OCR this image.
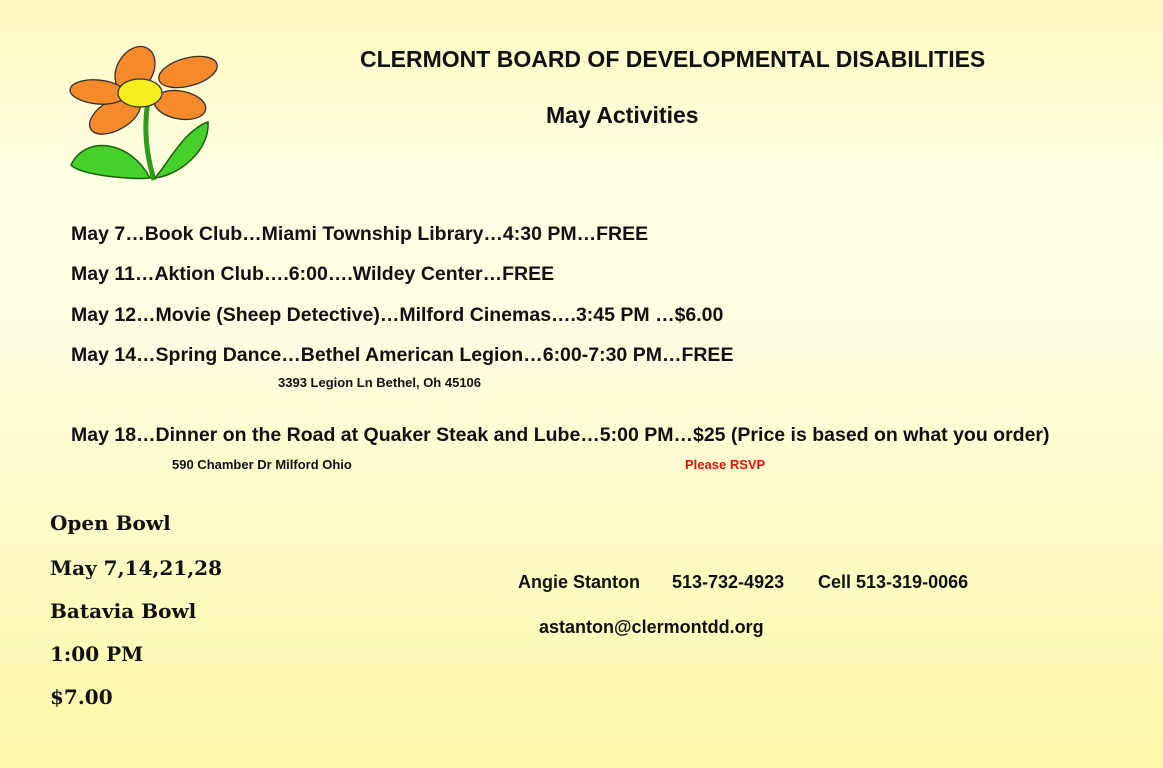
CLERMONT BOARD OF DEVELOPMENTAL DISABILITIES
May Activities
May 7…Book Club…Miami Township Library…4:30 PM…FREE
May 11…Aktion Club….6:00….Wildey Center…FREE
May 12…Movie (Sheep Detective)…Milford Cinemas….3:45 PM …$6.00
May 14…Spring Dance…Bethel American Legion…6:00-7:30 PM…FREE
3393 Legion Ln Bethel, Oh 45106
May 18…Dinner on the Road at Quaker Steak and Lube…5:00 PM…$25 (Price is based on what you order)
590 Chamber Dr Milford Ohio	Please RSVP
Open Bowl
May 7,14,21,28
Batavia Bowl
1:00 PM
$7.00
Angie Stanton 513-732-4923 Cell 513-319-0066
astanton@clermontdd.org
